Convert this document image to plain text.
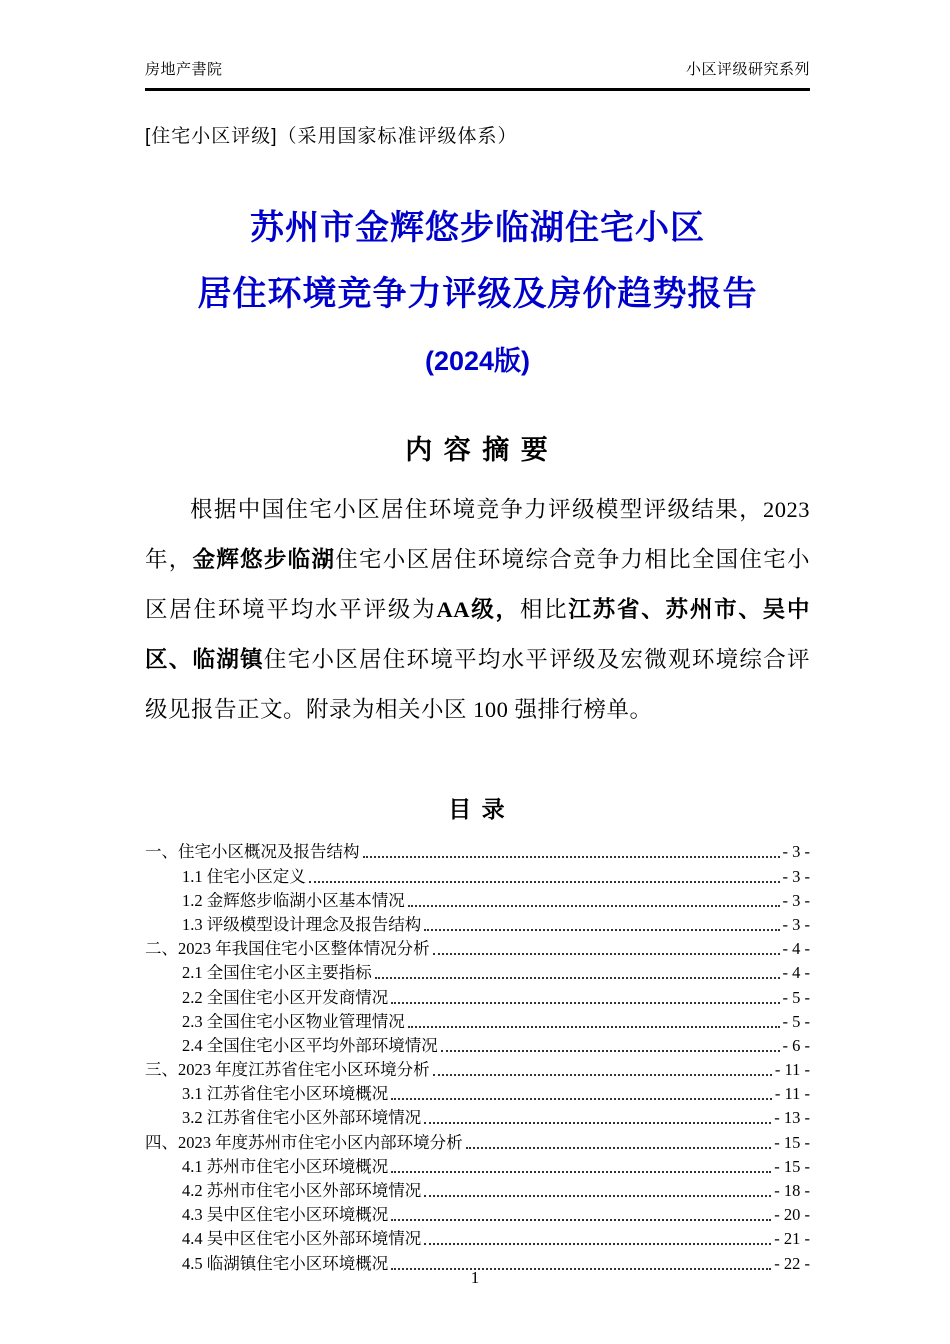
房地产書院	小区评级研究系列
[住宅小区评级]（采用国家标准评级体系）
苏州市金辉悠步临湖住宅小区
居住环境竞争力评级及房价趋势报告
(2024版)
内 容 摘 要

根据中国住宅小区居住环境竞争力评级模型评级结果，2023 年，金辉悠步临湖住宅小区居住环境综合竞争力相比全国住宅小区居住环境平均水平评级为AA级，相比江苏省、苏州市、吴中区、临湖镇住宅小区居住环境平均水平评级及宏微观环境综合评级见报告正文。附录为相关小区 100 强排行榜单。

目 录
一、住宅小区概况及报告结构	- 3 -
1.1 住宅小区定义	- 3 -
1.2 金辉悠步临湖小区基本情况	- 3 -
1.3 评级模型设计理念及报告结构	- 3 -
二、2023 年我国住宅小区整体情况分析	- 4 -
2.1 全国住宅小区主要指标	- 4 -
2.2 全国住宅小区开发商情况	- 5 -
2.3 全国住宅小区物业管理情况	- 5 -
2.4 全国住宅小区平均外部环境情况	- 6 -
三、2023 年度江苏省住宅小区环境分析	- 11 -
3.1 江苏省住宅小区环境概况	- 11 -
3.2 江苏省住宅小区外部环境情况	- 13 -
四、2023 年度苏州市住宅小区内部环境分析	- 15 -
4.1 苏州市住宅小区环境概况	- 15 -
4.2 苏州市住宅小区外部环境情况	- 18 -
4.3 吴中区住宅小区环境概况	- 20 -
4.4 吴中区住宅小区外部环境情况	- 21 -
4.5 临湖镇住宅小区环境概况	- 22 -
1
